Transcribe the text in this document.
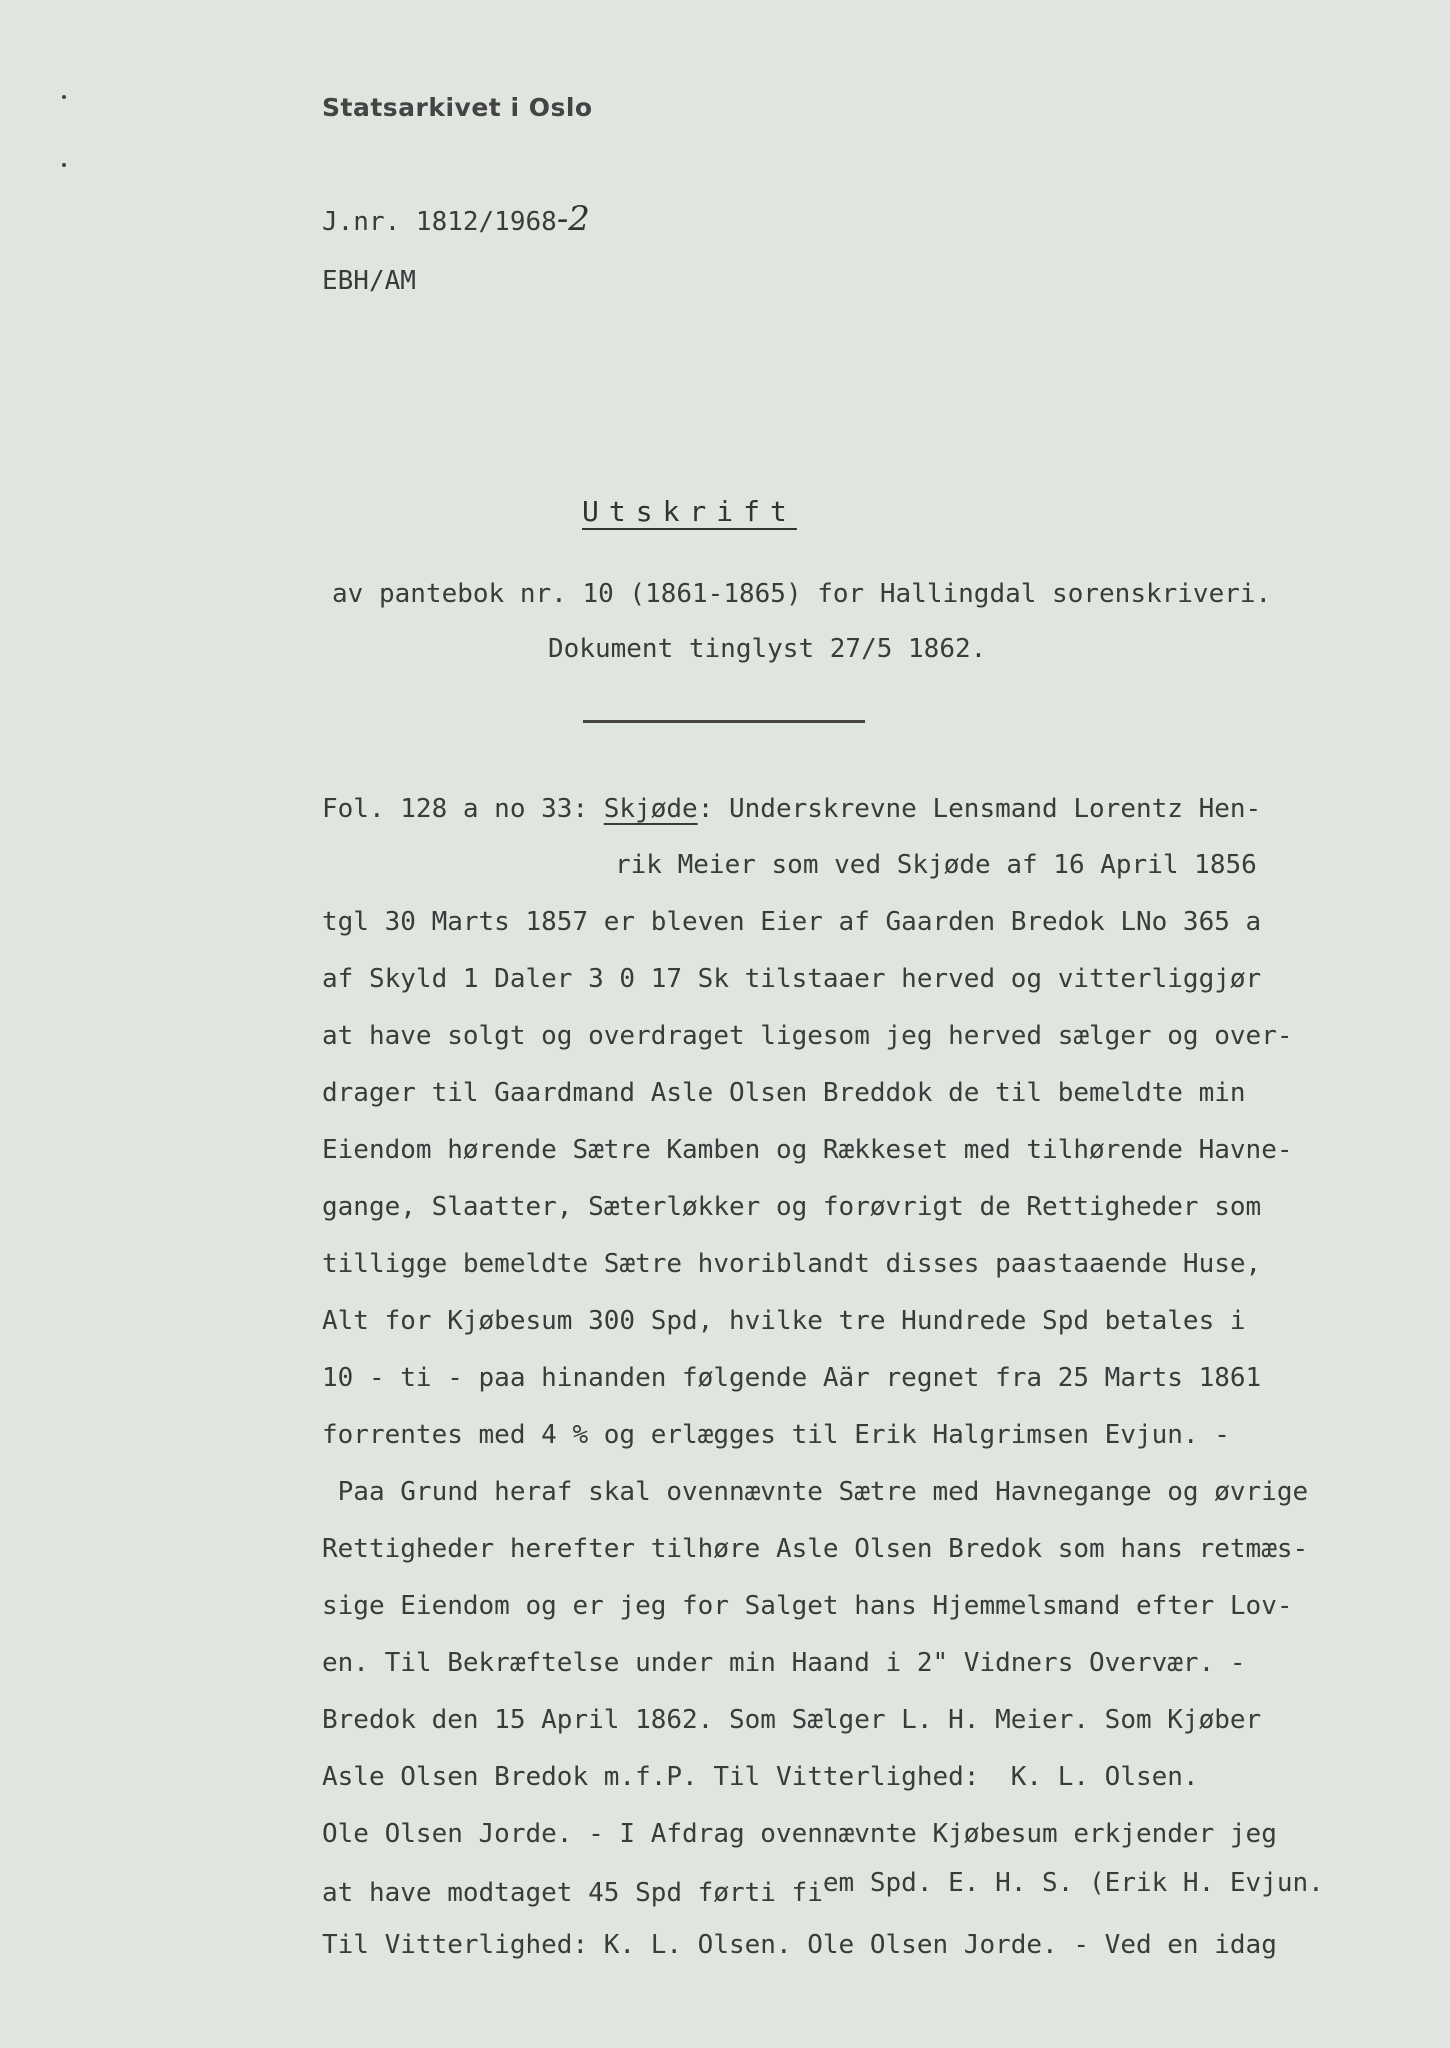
Statsarkivet i Oslo
J.nr. 1812/1968-2
EBH/AM
Utskrift
av pantebok nr. 10 (1861-1865) for Hallingdal sorenskriveri.
Dokument tinglyst 27/5 1862.
Fol. 128 a no 33: Skjøde: Underskrevne Lensmand Lorentz Hen-
rik Meier som ved Skjøde af 16 April 1856
tgl 30 Marts 1857 er bleven Eier af Gaarden Bredok LNo 365 a
af Skyld 1 Daler 3 0 17 Sk tilstaaer herved og vitterliggjør
at have solgt og overdraget ligesom jeg herved sælger og over-
drager til Gaardmand Asle Olsen Breddok de til bemeldte min
Eiendom hørende Sætre Kamben og Rækkeset med tilhørende Havne-
gange, Slaatter, Sæterløkker og forøvrigt de Rettigheder som
tilligge bemeldte Sætre hvoriblandt disses paastaaende Huse,
Alt for Kjøbesum 300 Spd, hvilke tre Hundrede Spd betales i
10 - ti - paa hinanden følgende Aär regnet fra 25 Marts 1861
forrentes med 4 % og erlægges til Erik Halgrimsen Evjun. -
Paa Grund heraf skal ovennævnte Sætre med Havnegange og øvrige
Rettigheder herefter tilhøre Asle Olsen Bredok som hans retmæs-
sige Eiendom og er jeg for Salget hans Hjemmelsmand efter Lov-
en. Til Bekræftelse under min Haand i 2" Vidners Overvær. -
Bredok den 15 April 1862. Som Sælger L. H. Meier. Som Kjøber
Asle Olsen Bredok m.f.P. Til Vitterlighed:  K. L. Olsen.
Ole Olsen Jorde. - I Afdrag ovennævnte Kjøbesum erkjender jeg
at have modtaget 45 Spd førti fiem Spd. E. H. S. (Erik H. Evjun.
Til Vitterlighed: K. L. Olsen. Ole Olsen Jorde. - Ved en idag
